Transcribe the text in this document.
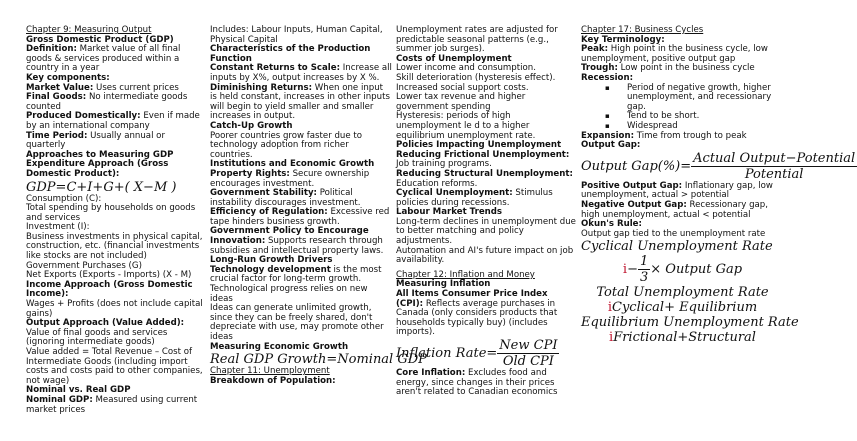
Chapter 9: Measuring Output
Gross Domestic Product (GDP)
Definition: Market value of all final goods & services produced within a country in a year
Key components:
Market Value: Uses current prices
Final Goods: No intermediate goods counted
Produced Domestically: Even if made by an international company
Time Period: Usually annual or quarterly
Approaches to Measuring GDP
Expenditure Approach (Gross Domestic Product):
GDP=C+I+G+( X−M )
Consumption (C):
Total spending by households on goods and services
Investment (I):
Business investments in physical capital, construction, etc. (financial investments like stocks are not included)
Government Purchases (G)
Net Exports (Exports - Imports) (X - M)
Income Approach (Gross Domestic Income):
Wages + Profits (does not include capital gains)
Output Approach (Value Added):
Value of final goods and services (ignoring intermediate goods)
Value added = Total Revenue – Cost of Intermediate Goods (including import costs and costs paid to other companies, not wage)
Nominal vs. Real GDP
Nominal GDP: Measured using current market prices
Includes: Labour Inputs, Human Capital, Physical Capital
Characteristics of the Production Function
Constant Returns to Scale: Increase all inputs by X%, output increases by X %.
Diminishing Returns: When one input is held constant, increases in other inputs will begin to yield smaller and smaller increases in output.
Catch-Up Growth
Poorer countries grow faster due to technology adoption from richer countries.
Institutions and Economic Growth
Property Rights: Secure ownership encourages investment.
Government Stability: Political instability discourages investment.
Efficiency of Regulation: Excessive red tape hinders business growth.
Government Policy to Encourage Innovation: Supports research through subsidies and intellectual property laws.
Long-Run Growth Drivers
Technology development is the most crucial factor for long-term growth.
Technological progress relies on new ideas
Ideas can generate unlimited growth, since they can be freely shared, don't depreciate with use, may promote other ideas
Measuring Economic Growth
Real GDP Growth=Nominal GDP
Chapter 11: Unemployment
Breakdown of Population:
Unemployment rates are adjusted for predictable seasonal patterns (e.g., summer job surges).
Costs of Unemployment
Lower income and consumption.
Skill deterioration (hysteresis effect).
Increased social support costs.
Lower tax revenue and higher government spending
Hysteresis: periods of high unemployment le d to a higher equilibrium unemployment rate.
Policies Impacting Unemployment
Reducing Frictional Unemployment: Job training programs.
Reducing Structural Unemployment: Education reforms.
Cyclical Unemployment: Stimulus policies during recessions.
Labour Market Trends
Long-term declines in unemployment due to better matching and policy adjustments.
Automation and AI's future impact on job availability.
Chapter 12: Inflation and Money
Measuring Inflation
All Items Consumer Price Index (CPI): Reflects average purchases in Canada (only considers products that households typically buy) (includes imports).
Inflation Rate= $\frac{\text{New CPI}}{\text{Old CPI}}$
Core Inflation: Excludes food and energy, since changes in their prices aren't related to Canadian economics
Chapter 17: Business Cycles
Key Terminology:
Peak: High point in the business cycle, low unemployment, positive output gap
Trough: Low point in the business cycle
Recession:
▪ Period of negative growth, higher unemployment, and recessionary gap.
▪ Tend to be short.
▪ Widespread
Expansion: Time from trough to peak
Output Gap:
Output $Gap(\%)= \frac{\text{Actual Output−Potential}}{\text{Potential}}$
Positive Output Gap: Inflationary gap, low unemployment, actual > potential
Negative Output Gap: Recessionary gap, high unemployment, actual < potential
Okun's Rule:
Output gap tied to the unemployment rate
Cyclical Unemployment Rate
$i- \frac{1}{3}$ × Output Gap
Total Unemployment Rate
iCyclical+ Equilibrium
Equilibrium Unemployment Rate
iFrictional+Structural
